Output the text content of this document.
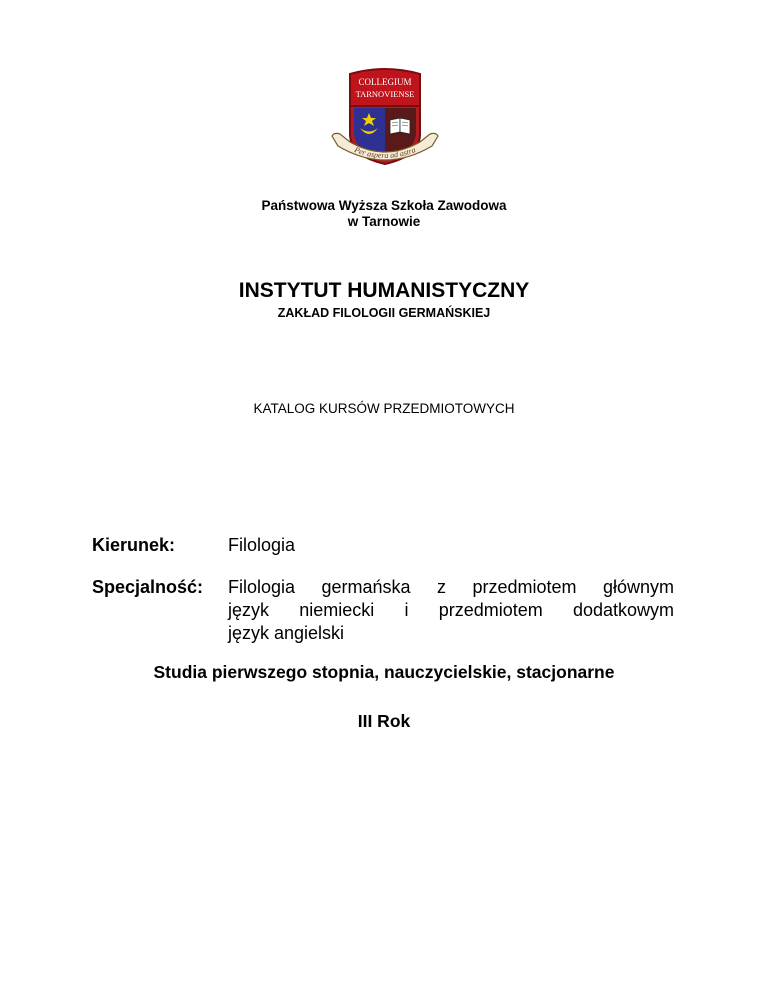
COLLEGIUM
TARNOVIENSE
Per aspera ad astra
Państwowa Wyższa Szkoła Zawodowa
w Tarnowie
INSTYTUT HUMANISTYCZNY
ZAKŁAD FILOLOGII GERMAŃSKIEJ
KATALOG KURSÓW PRZEDMIOTOWYCH
Kierunek:	Filologia
Specjalność: Filologia germańska z przedmiotem głównym
język niemiecki i przedmiotem dodatkowym
język angielski
Studia pierwszego stopnia, nauczycielskie, stacjonarne
III Rok
